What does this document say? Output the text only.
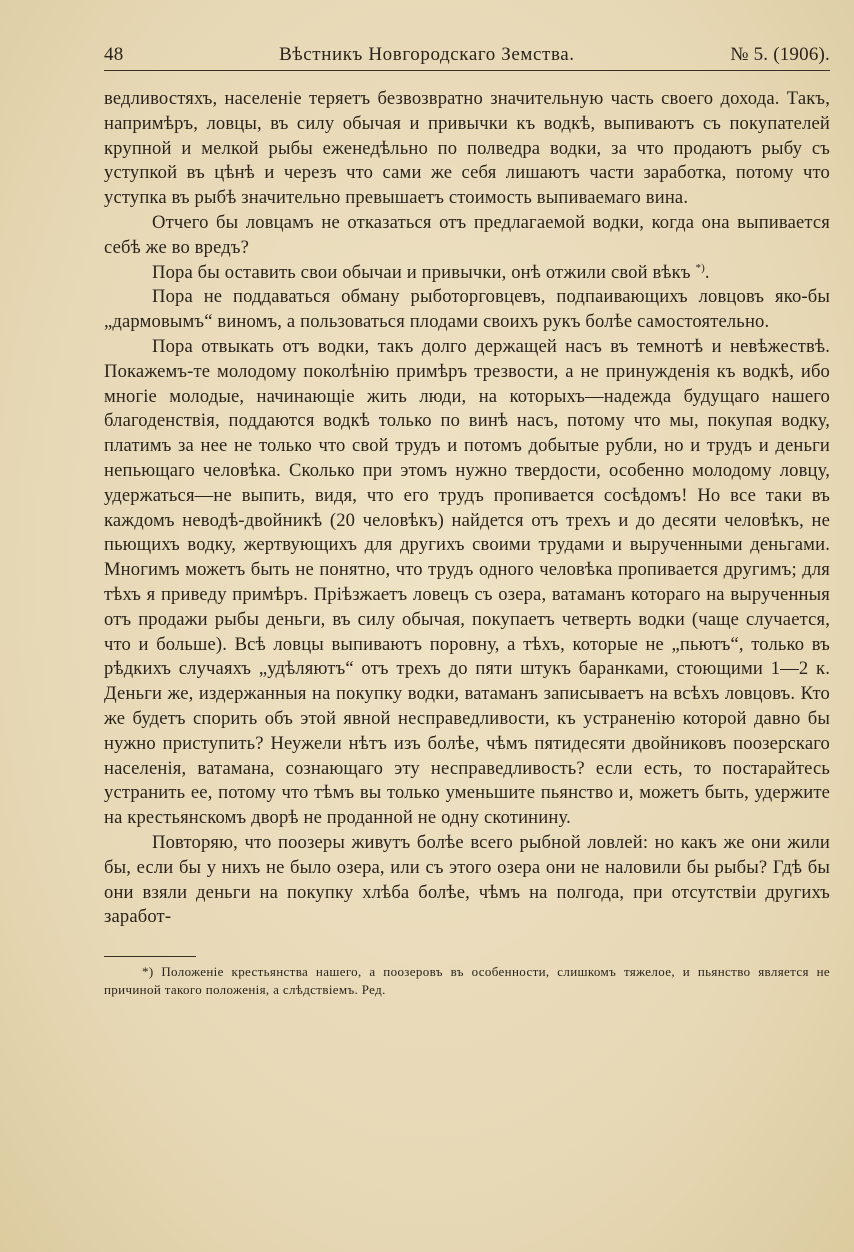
48	Вѣстникъ Новгородскаго Земства.	№ 5. (1906).

ведливостяхъ, населеніе теряетъ безвозвратно значительную часть своего дохода. Такъ, напримѣръ, ловцы, въ силу обычая и привычки къ водкѣ, выпиваютъ съ покупателей крупной и мелкой рыбы еженедѣльно по полведра водки, за что продаютъ рыбу съ уступкой въ цѣнѣ и черезъ что сами же себя лишаютъ части заработка, потому что уступка въ рыбѣ значительно превышаетъ стоимость выпиваемаго вина.

Отчего бы ловцамъ не отказаться отъ предлагаемой водки, когда она выпивается себѣ же во вредъ?

Пора бы оставить свои обычаи и привычки, онѣ отжили свой вѣкъ *).

Пора не поддаваться обману рыботорговцевъ, подпаивающихъ ловцовъ яко-бы „дармовымъ“ виномъ, а пользоваться плодами своихъ рукъ болѣе самостоятельно.

Пора отвыкать отъ водки, такъ долго держащей насъ въ темнотѣ и невѣжествѣ. Покажемъ-те молодому поколѣнію примѣръ трезвости, а не принужденія къ водкѣ, ибо многіе молодые, начинающіе жить люди, на которыхъ—надежда будущаго нашего благоденствія, поддаются водкѣ только по винѣ насъ, потому что мы, покупая водку, платимъ за нее не только что свой трудъ и потомъ добытые рубли, но и трудъ и деньги непьющаго человѣка. Сколько при этомъ нужно твердости, особенно молодому ловцу, удержаться—не выпить, видя, что его трудъ пропивается сосѣдомъ! Но все таки въ каждомъ неводѣ-двойникѣ (20 человѣкъ) найдется отъ трехъ и до десяти человѣкъ, не пьющихъ водку, жертвующихъ для другихъ своими трудами и вырученными деньгами. Многимъ можетъ быть не понятно, что трудъ одного человѣка пропивается другимъ; для тѣхъ я приведу примѣръ. Пріѣзжаетъ ловецъ съ озера, ватаманъ котораго на вырученныя отъ продажи рыбы деньги, въ силу обычая, покупаетъ четверть водки (чаще случается, что и больше). Всѣ ловцы выпиваютъ поровну, а тѣхъ, которые не „пьютъ“, только въ рѣдкихъ случаяхъ „удѣляютъ“ отъ трехъ до пяти штукъ баранками, стоющими 1—2 к. Деньги же, издержанныя на покупку водки, ватаманъ записываетъ на всѣхъ ловцовъ. Кто же будетъ спорить объ этой явной несправедливости, къ устраненію которой давно бы нужно приступить? Неужели нѣтъ изъ болѣе, чѣмъ пятидесяти двойниковъ поозерскаго населенія, ватамана, сознающаго эту несправедливость? если есть, то постарайтесь устранить ее, потому что тѣмъ вы только уменьшите пьянство и, можетъ быть, удержите на крестьянскомъ дворѣ не проданной не одну скотинину.

Повторяю, что поозеры живутъ болѣе всего рыбной ловлей: но какъ же они жили бы, если бы у нихъ не было озера, или съ этого озера они не наловили бы рыбы? Гдѣ бы они взяли деньги на покупку хлѣба болѣе, чѣмъ на полгода, при отсутствіи другихъ заработ-

*) Положеніе крестьянства нашего, а поозеровъ въ особенности, слишкомъ тяжелое, и пьянство является не причиной такого положенія, а слѣдствіемъ. Ред.
